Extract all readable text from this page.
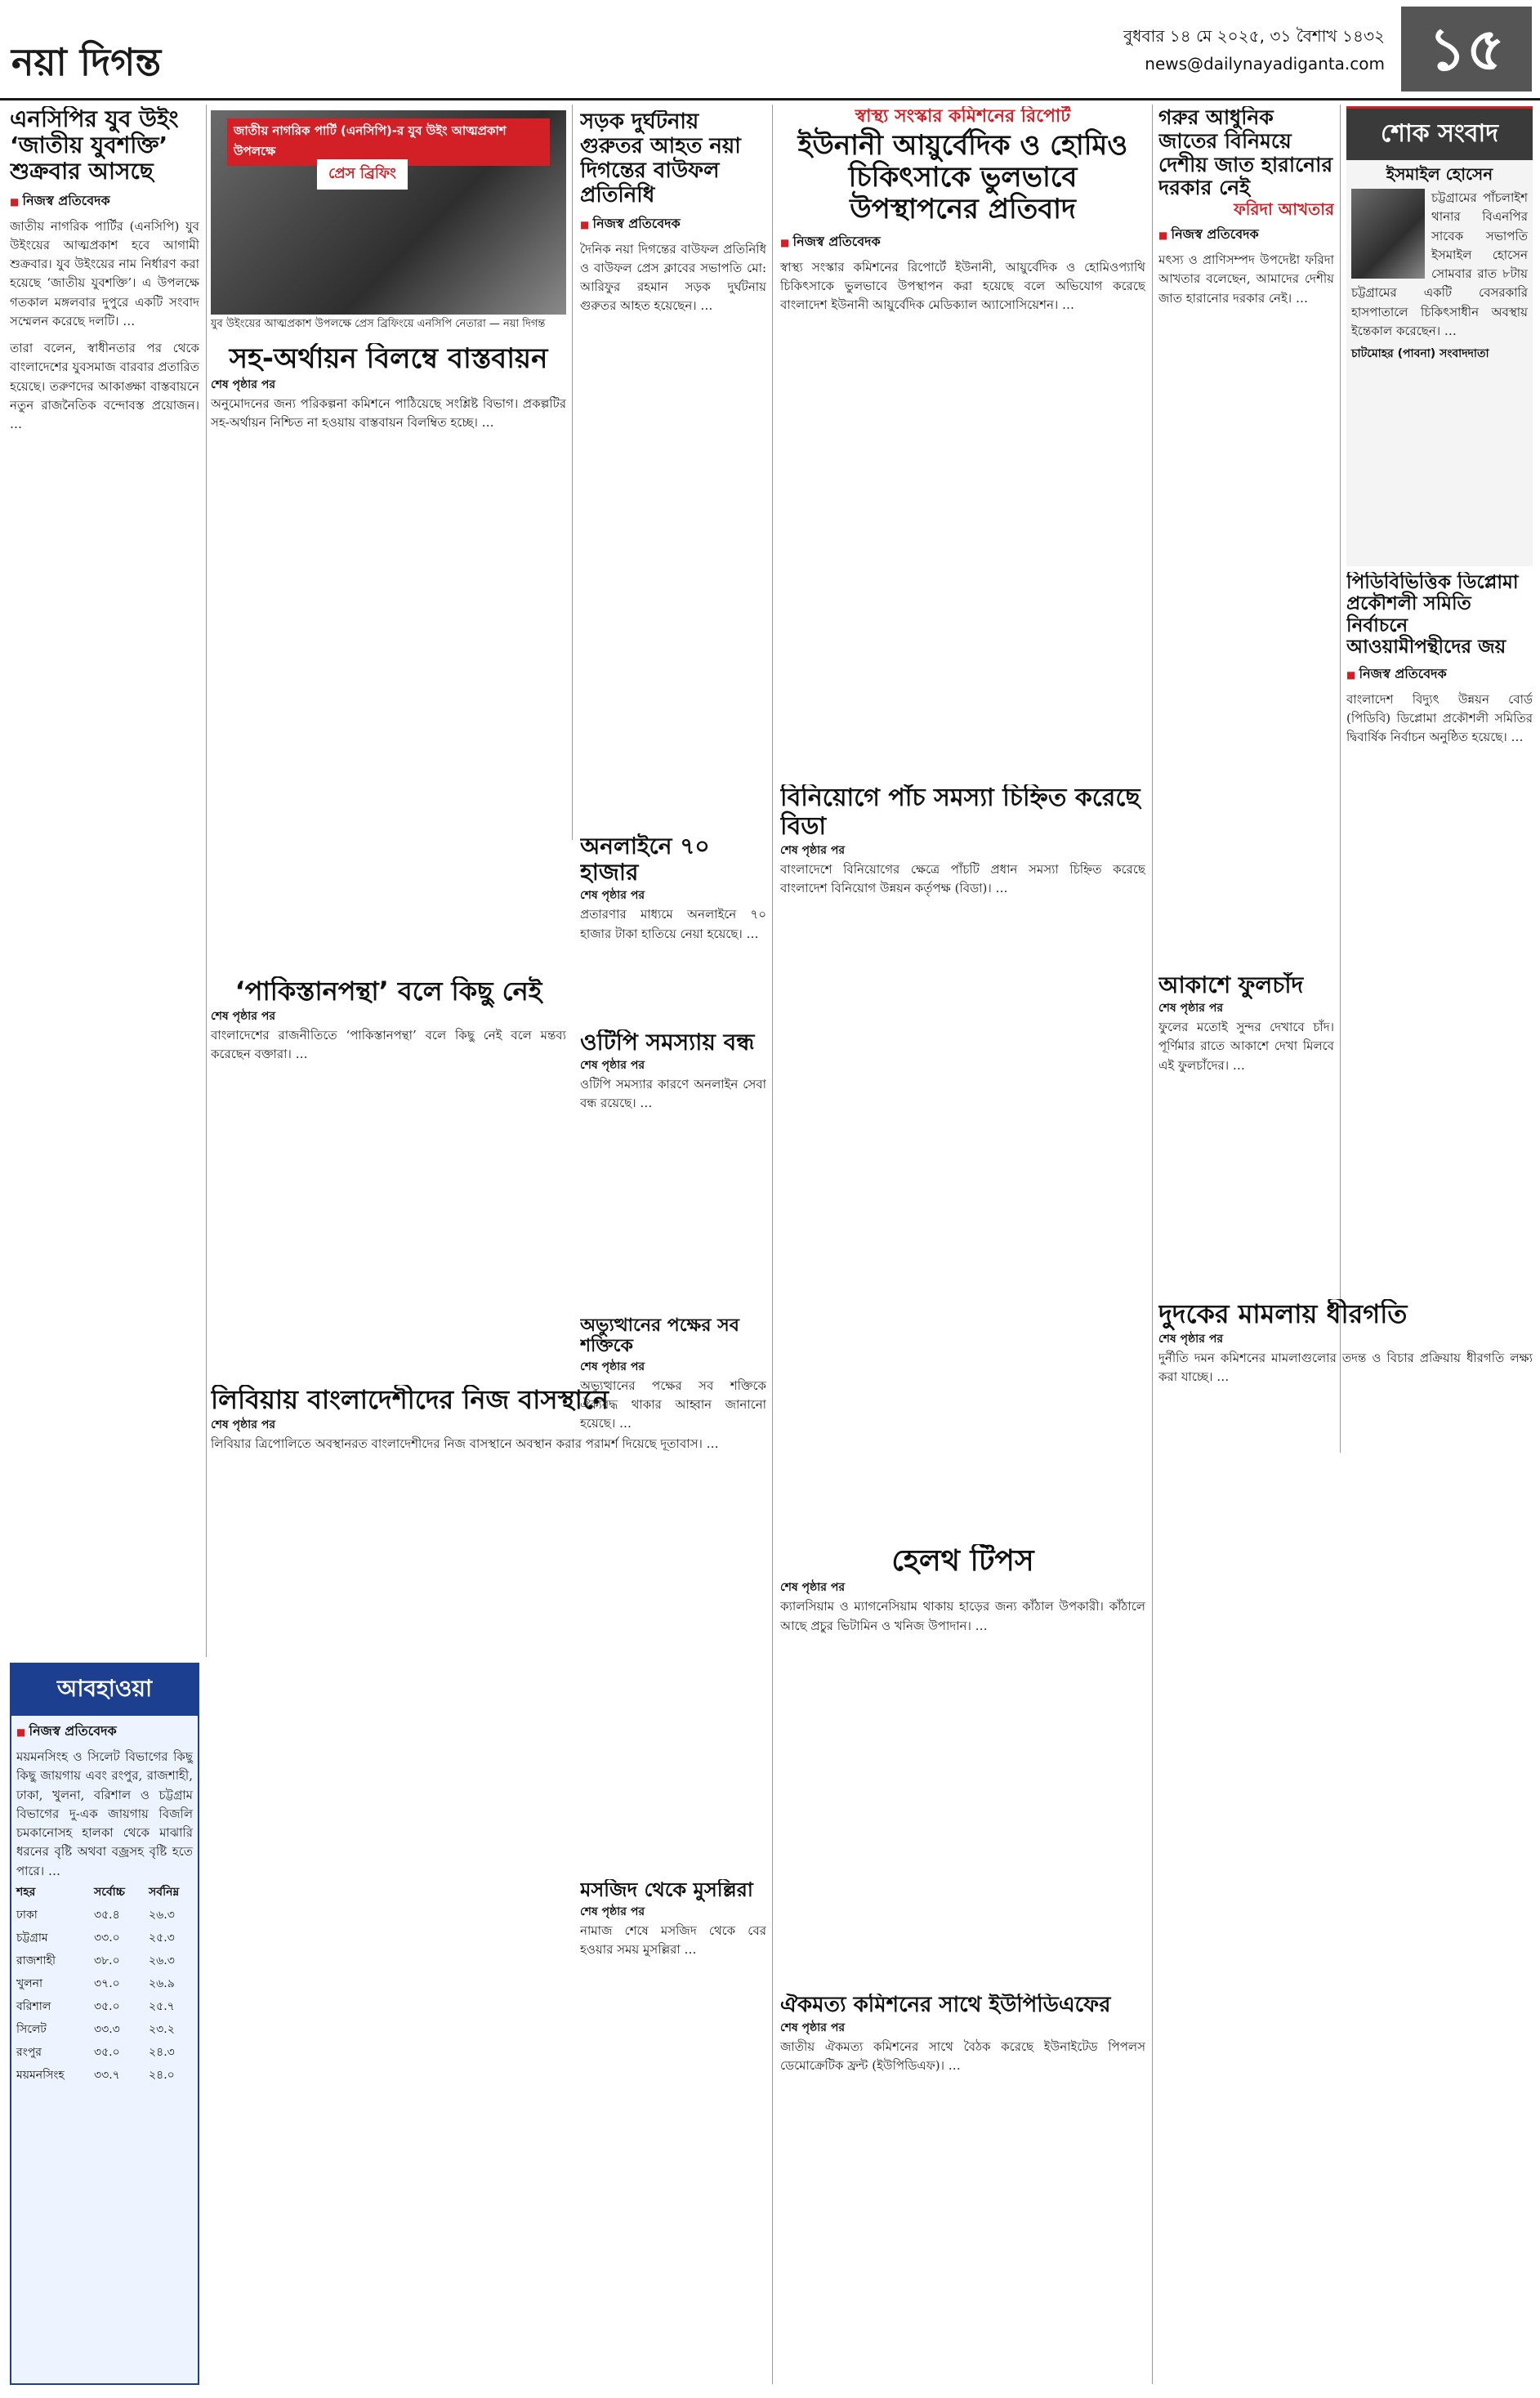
নয়া দিগন্ত
বুধবার ১৪ মে ২০২৫, ৩১ বৈশাখ ১৪৩২
news@dailynayadiganta.com ১৫
এনসিপির যুব উইং ‘জাতীয় যুবশক্তি’ শুক্রবার আসছে
■ নিজস্ব প্রতিবেদক
জাতীয় নাগরিক পার্টির (এনসিপি) যুব উইংয়ের আত্মপ্রকাশ হবে আগামী শুক্রবার। যুব উইংয়ের নাম নির্ধারণ করা হয়েছে ‘জাতীয় যুবশক্তি’। এ উপলক্ষে গতকাল মঙ্গলবার দুপুরে একটি সংবাদ সম্মেলন করেছে দলটি। …
তারা বলেন, স্বাধীনতার পর থেকে বাংলাদেশের যুবসমাজ বারবার প্রতারিত হয়েছে। তরুণদের আকাঙ্ক্ষা বাস্তবায়নে নতুন রাজনৈতিক বন্দোবস্ত প্রয়োজন। …
জাতীয় নাগরিক পার্টি (এনসিপি)-র যুব উইং আত্মপ্রকাশ উপলক্ষে
প্রেস ব্রিফিং
যুব উইংয়ের আত্মপ্রকাশ উপলক্ষে প্রেস ব্রিফিংয়ে এনসিপি নেতারা — নয়া দিগন্ত
সড়ক দুর্ঘটনায় গুরুতর আহত নয়া দিগন্তের বাউফল প্রতিনিধি
■ নিজস্ব প্রতিবেদক
দৈনিক নয়া দিগন্তের বাউফল প্রতিনিধি ও বাউফল প্রেস ক্লাবের সভাপতি মো: আরিফুর রহমান সড়ক দুর্ঘটনায় গুরুতর আহত হয়েছেন। …
স্বাস্থ্য সংস্কার কমিশনের রিপোর্ট
ইউনানী আয়ুর্বেদিক ও হোমিও চিকিৎসাকে ভুলভাবে উপস্থাপনের প্রতিবাদ
■ নিজস্ব প্রতিবেদক
স্বাস্থ্য সংস্কার কমিশনের রিপোর্টে ইউনানী, আয়ুর্বেদিক ও হোমিওপ্যাথি চিকিৎসাকে ভুলভাবে উপস্থাপন করা হয়েছে বলে অভিযোগ করেছে বাংলাদেশ ইউনানী আয়ুর্বেদিক মেডিক্যাল অ্যাসোসিয়েশন। …
গরুর আধুনিক জাতের বিনিময়ে দেশীয় জাত হারানোর দরকার নেই
ফরিদা আখতার
■ নিজস্ব প্রতিবেদক
মৎস্য ও প্রাণিসম্পদ উপদেষ্টা ফরিদা আখতার বলেছেন, আমাদের দেশীয় জাত হারানোর দরকার নেই। …
শোক সংবাদ
ইসমাইল হোসেন
চট্টগ্রামের পাঁচলাইশ থানার বিএনপির সাবেক সভাপতি ইসমাইল হোসেন সোমবার রাত ৮টায় চট্টগ্রামের একটি বেসরকারি হাসপাতালে চিকিৎসাধীন অবস্থায় ইন্তেকাল করেছেন। …
চাটমোহর (পাবনা) সংবাদদাতা
পিডিবিভিত্তিক ডিপ্লোমা প্রকৌশলী সমিতি নির্বাচনে আওয়ামীপন্থীদের জয়
■ নিজস্ব প্রতিবেদক
বাংলাদেশ বিদ্যুৎ উন্নয়ন বোর্ড (পিডিবি) ডিপ্লোমা প্রকৌশলী সমিতির দ্বিবার্ষিক নির্বাচন অনুষ্ঠিত হয়েছে। …
সহ-অর্থায়ন বিলম্বে বাস্তবায়ন
শেষ পৃষ্ঠার পর
অনুমোদনের জন্য পরিকল্পনা কমিশনে পাঠিয়েছে সংশ্লিষ্ট বিভাগ। প্রকল্পটির সহ-অর্থায়ন নিশ্চিত না হওয়ায় বাস্তবায়ন বিলম্বিত হচ্ছে। …
অনলাইনে ৭০ হাজার
শেষ পৃষ্ঠার পর
প্রতারণার মাধ্যমে অনলাইনে ৭০ হাজার টাকা হাতিয়ে নেয়া হয়েছে। …
ওটিপি সমস্যায় বন্ধ
শেষ পৃষ্ঠার পর
ওটিপি সমস্যার কারণে অনলাইন সেবা বন্ধ রয়েছে। …
অভ্যুত্থানের পক্ষের সব শক্তিকে
শেষ পৃষ্ঠার পর
অভ্যুত্থানের পক্ষের সব শক্তিকে ঐক্যবদ্ধ থাকার আহ্বান জানানো হয়েছে। …
‘পাকিস্তানপন্থা’ বলে কিছু নেই
শেষ পৃষ্ঠার পর
বাংলাদেশের রাজনীতিতে ‘পাকিস্তানপন্থা’ বলে কিছু নেই বলে মন্তব্য করেছেন বক্তারা। …
লিবিয়ায় বাংলাদেশীদের নিজ বাসস্থানে
শেষ পৃষ্ঠার পর
লিবিয়ার ত্রিপোলিতে অবস্থানরত বাংলাদেশীদের নিজ বাসস্থানে অবস্থান করার পরামর্শ দিয়েছে দূতাবাস। …
মসজিদ থেকে মুসল্লিরা
শেষ পৃষ্ঠার পর
নামাজ শেষে মসজিদ থেকে বের হওয়ার সময় মুসল্লিরা …
বিনিয়োগে পাঁচ সমস্যা চিহ্নিত করেছে বিডা
শেষ পৃষ্ঠার পর
বাংলাদেশে বিনিয়োগের ক্ষেত্রে পাঁচটি প্রধান সমস্যা চিহ্নিত করেছে বাংলাদেশ বিনিয়োগ উন্নয়ন কর্তৃপক্ষ (বিডা)। …
আকাশে ফুলচাঁদ
শেষ পৃষ্ঠার পর
ফুলের মতোই সুন্দর দেখাবে চাঁদ। পূর্ণিমার রাতে আকাশে দেখা মিলবে এই ফুলচাঁদের। …
দুদকের মামলায় ধীরগতি
শেষ পৃষ্ঠার পর
দুর্নীতি দমন কমিশনের মামলাগুলোর তদন্ত ও বিচার প্রক্রিয়ায় ধীরগতি লক্ষ্য করা যাচ্ছে। …
হেলথ টিপস
শেষ পৃষ্ঠার পর
ক্যালসিয়াম ও ম্যাগনেসিয়াম থাকায় হাড়ের জন্য কাঁঠাল উপকারী। কাঁঠালে আছে প্রচুর ভিটামিন ও খনিজ উপাদান। …
ঐকমত্য কমিশনের সাথে ইউপিডিএফের
শেষ পৃষ্ঠার পর
জাতীয় ঐকমত্য কমিশনের সাথে বৈঠক করেছে ইউনাইটেড পিপলস ডেমোক্রেটিক ফ্রন্ট (ইউপিডিএফ)। …
আবহাওয়া
■ নিজস্ব প্রতিবেদক
ময়মনসিংহ ও সিলেট বিভাগের কিছু কিছু জায়গায় এবং রংপুর, রাজশাহী, ঢাকা, খুলনা, বরিশাল ও চট্টগ্রাম বিভাগের দু-এক জায়গায় বিজলি চমকানোসহ হালকা থেকে মাঝারি ধরনের বৃষ্টি অথবা বজ্রসহ বৃষ্টি হতে পারে। …
শহর	সর্বোচ্চ	সর্বনিম্ন
ঢাকা	৩৫.৪	২৬.৩
চট্টগ্রাম	৩৩.০	২৫.৩
রাজশাহী	৩৮.০	২৬.৩
খুলনা	৩৭.০	২৬.৯
বরিশাল	৩৫.০	২৫.৭
সিলেট	৩৩.৩	২৩.২
রংপুর	৩৫.০	২৪.৩
ময়মনসিংহ	৩৩.৭	২৪.০
